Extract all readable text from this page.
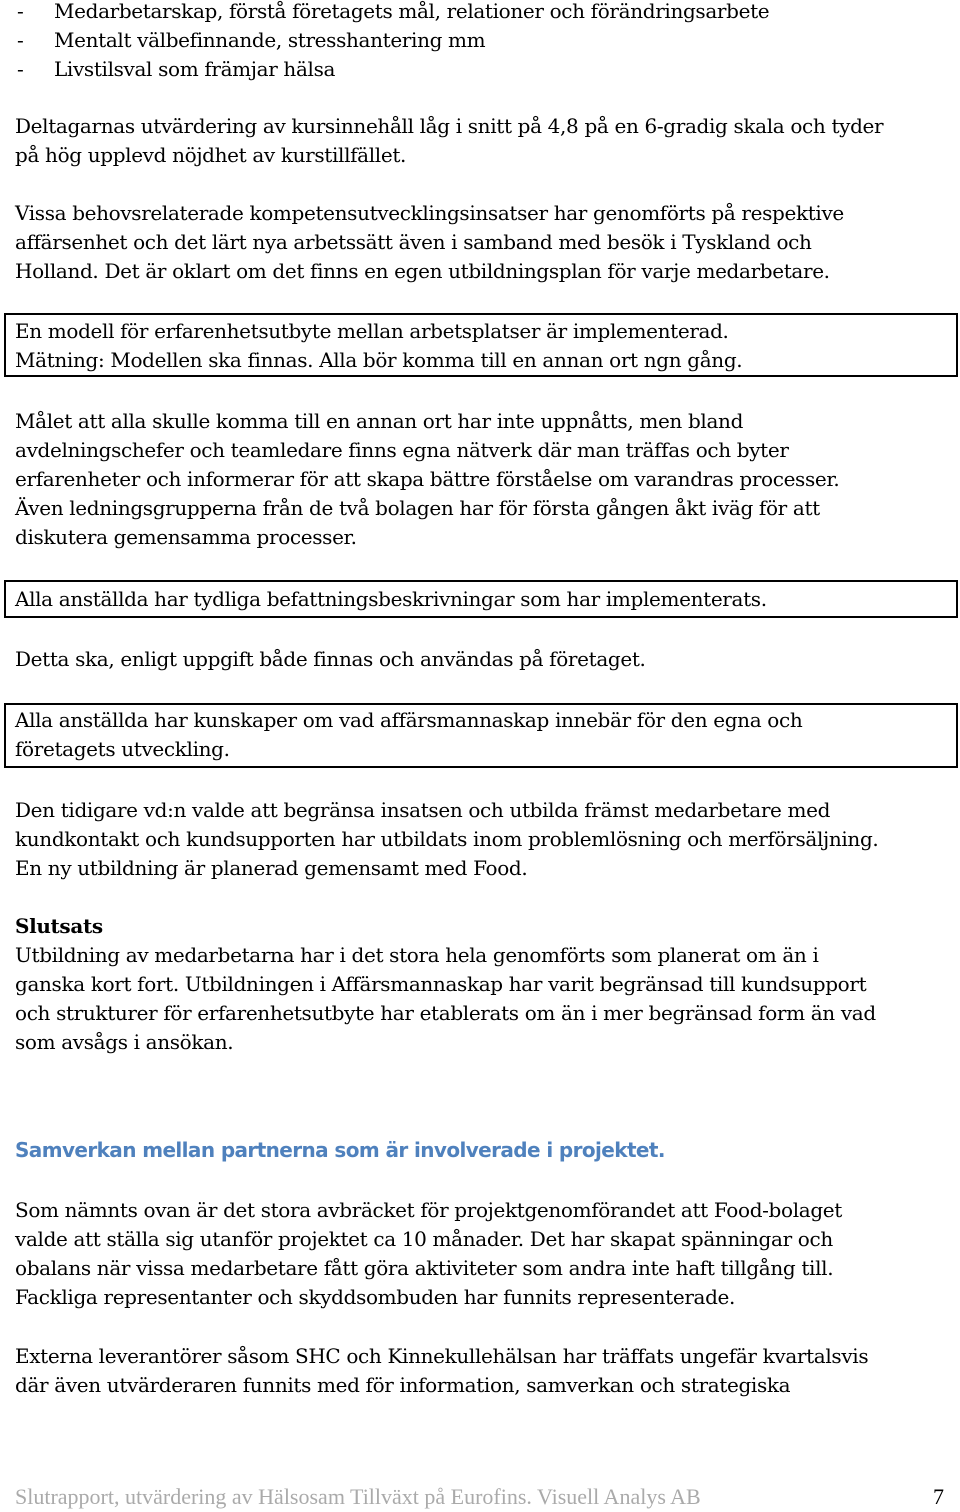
- Medarbetarskap, förstå företagets mål, relationer och förändringsarbete

- Mentalt välbefinnande, stresshantering mm

- Livstilsval som främjar hälsa

Deltagarnas utvärdering av kursinnehåll låg i snitt på 4,8 på en 6-gradig skala och tyder

på hög upplevd nöjdhet av kurstillfället.

Vissa behovsrelaterade kompetensutvecklingsinsatser har genomförts på respektive

affärsenhet och det lärt nya arbetssätt även i samband med besök i Tyskland och

Holland. Det är oklart om det finns en egen utbildningsplan för varje medarbetare.

En modell för erfarenhetsutbyte mellan arbetsplatser är implementerad.

Mätning: Modellen ska finnas. Alla bör komma till en annan ort ngn gång.

Målet att alla skulle komma till en annan ort har inte uppnåtts, men bland

avdelningschefer och teamledare finns egna nätverk där man träffas och byter

erfarenheter och informerar för att skapa bättre förståelse om varandras processer.

Även ledningsgrupperna från de två bolagen har för första gången åkt iväg för att

diskutera gemensamma processer.

Alla anställda har tydliga befattningsbeskrivningar som har implementerats.

Detta ska, enligt uppgift både finnas och användas på företaget.

Alla anställda har kunskaper om vad affärsmannaskap innebär för den egna och

företagets utveckling.

Den tidigare vd:n valde att begränsa insatsen och utbilda främst medarbetare med

kundkontakt och kundsupporten har utbildats inom problemlösning och merförsäljning.

En ny utbildning är planerad gemensamt med Food.

Slutsats

Utbildning av medarbetarna har i det stora hela genomförts som planerat om än i

ganska kort fort. Utbildningen i Affärsmannaskap har varit begränsad till kundsupport

och strukturer för erfarenhetsutbyte har etablerats om än i mer begränsad form än vad

som avsågs i ansökan.

Samverkan mellan partnerna som är involverade i projektet.

Som nämnts ovan är det stora avbräcket för projektgenomförandet att Food-bolaget

valde att ställa sig utanför projektet ca 10 månader. Det har skapat spänningar och

obalans när vissa medarbetare fått göra aktiviteter som andra inte haft tillgång till.

Fackliga representanter och skyddsombuden har funnits representerade.

Externa leverantörer såsom SHC och Kinnekullehälsan har träffats ungefär kvartalsvis

där även utvärderaren funnits med för information, samverkan och strategiska

Slutrapport, utvärdering av Hälsosam Tillväxt på Eurofins. Visuell Analys AB	7
